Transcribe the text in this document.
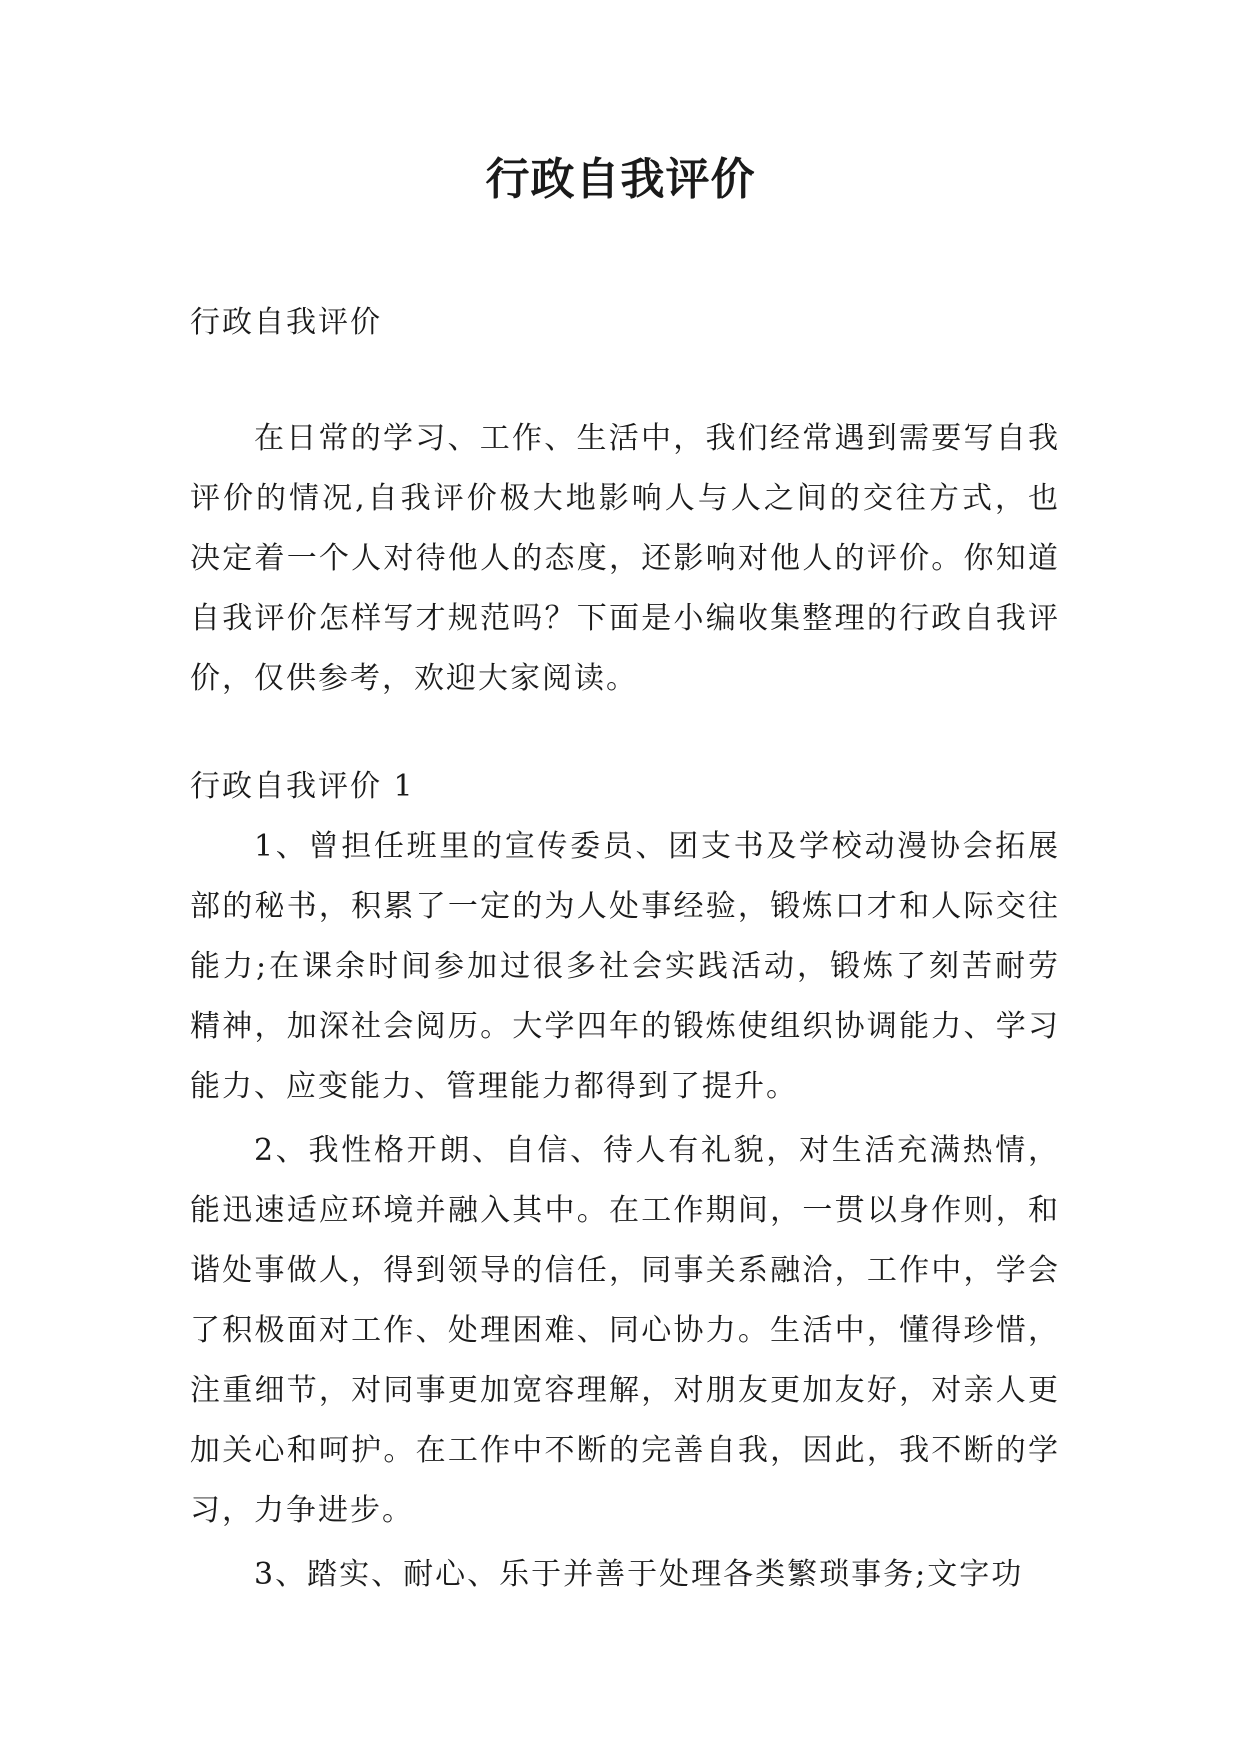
行政自我评价

行政自我评价

在日常的学习、工作、生活中，我们经常遇到需要写自我评价的情况,自我评价极大地影响人与人之间的交往方式，也决定着一个人对待他人的态度，还影响对他人的评价。你知道自我评价怎样写才规范吗？下面是小编收集整理的行政自我评价，仅供参考，欢迎大家阅读。

行政自我评价 1

1、曾担任班里的宣传委员、团支书及学校动漫协会拓展部的秘书，积累了一定的为人处事经验，锻炼口才和人际交往能力;在课余时间参加过很多社会实践活动，锻炼了刻苦耐劳精神，加深社会阅历。大学四年的锻炼使组织协调能力、学习能力、应变能力、管理能力都得到了提升。

2、我性格开朗、自信、待人有礼貌，对生活充满热情，能迅速适应环境并融入其中。在工作期间，一贯以身作则，和谐处事做人，得到领导的信任，同事关系融洽，工作中，学会了积极面对工作、处理困难、同心协力。生活中，懂得珍惜，注重细节，对同事更加宽容理解，对朋友更加友好，对亲人更加关心和呵护。在工作中不断的完善自我，因此，我不断的学习，力争进步。

3、踏实、耐心、乐于并善于处理各类繁琐事务;文字功
